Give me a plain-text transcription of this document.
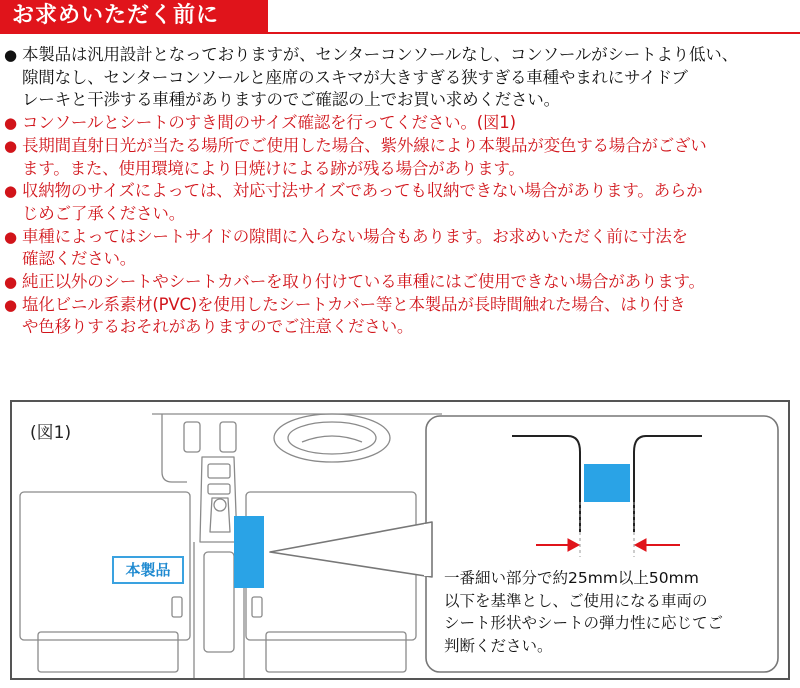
お求めいただく前に
● 本製品は汎用設計となっておりますが、センターコンソールなし、コンソールがシートより低い、
隙間なし、センターコンソールと座席のスキマが大きすぎる狭すぎる車種やまれにサイドブ
レーキと干渉する車種がありますのでご確認の上でお買い求めください。
● コンソールとシートのすき間のサイズ確認を行ってください。(図1)
● 長期間直射日光が当たる場所でご使用した場合、紫外線により本製品が変色する場合がござい
ます。また、使用環境により日焼けによる跡が残る場合があります。
● 収納物のサイズによっては、対応寸法サイズであっても収納できない場合があります。あらか
じめご了承ください。
● 車種によってはシートサイドの隙間に入らない場合もあります。お求めいただく前に寸法を
確認ください。
● 純正以外のシートやシートカバーを取り付けている車種にはご使用できない場合があります。
● 塩化ビニル系素材(PVC)を使用したシートカバー等と本製品が長時間触れた場合、はり付き
や色移りするおそれがありますのでご注意ください。
(図1)
本製品	一番細い部分で約25mm以上50mm
以下を基準とし、ご使用になる車両の
シート形状やシートの弾力性に応じてご
判断ください。
